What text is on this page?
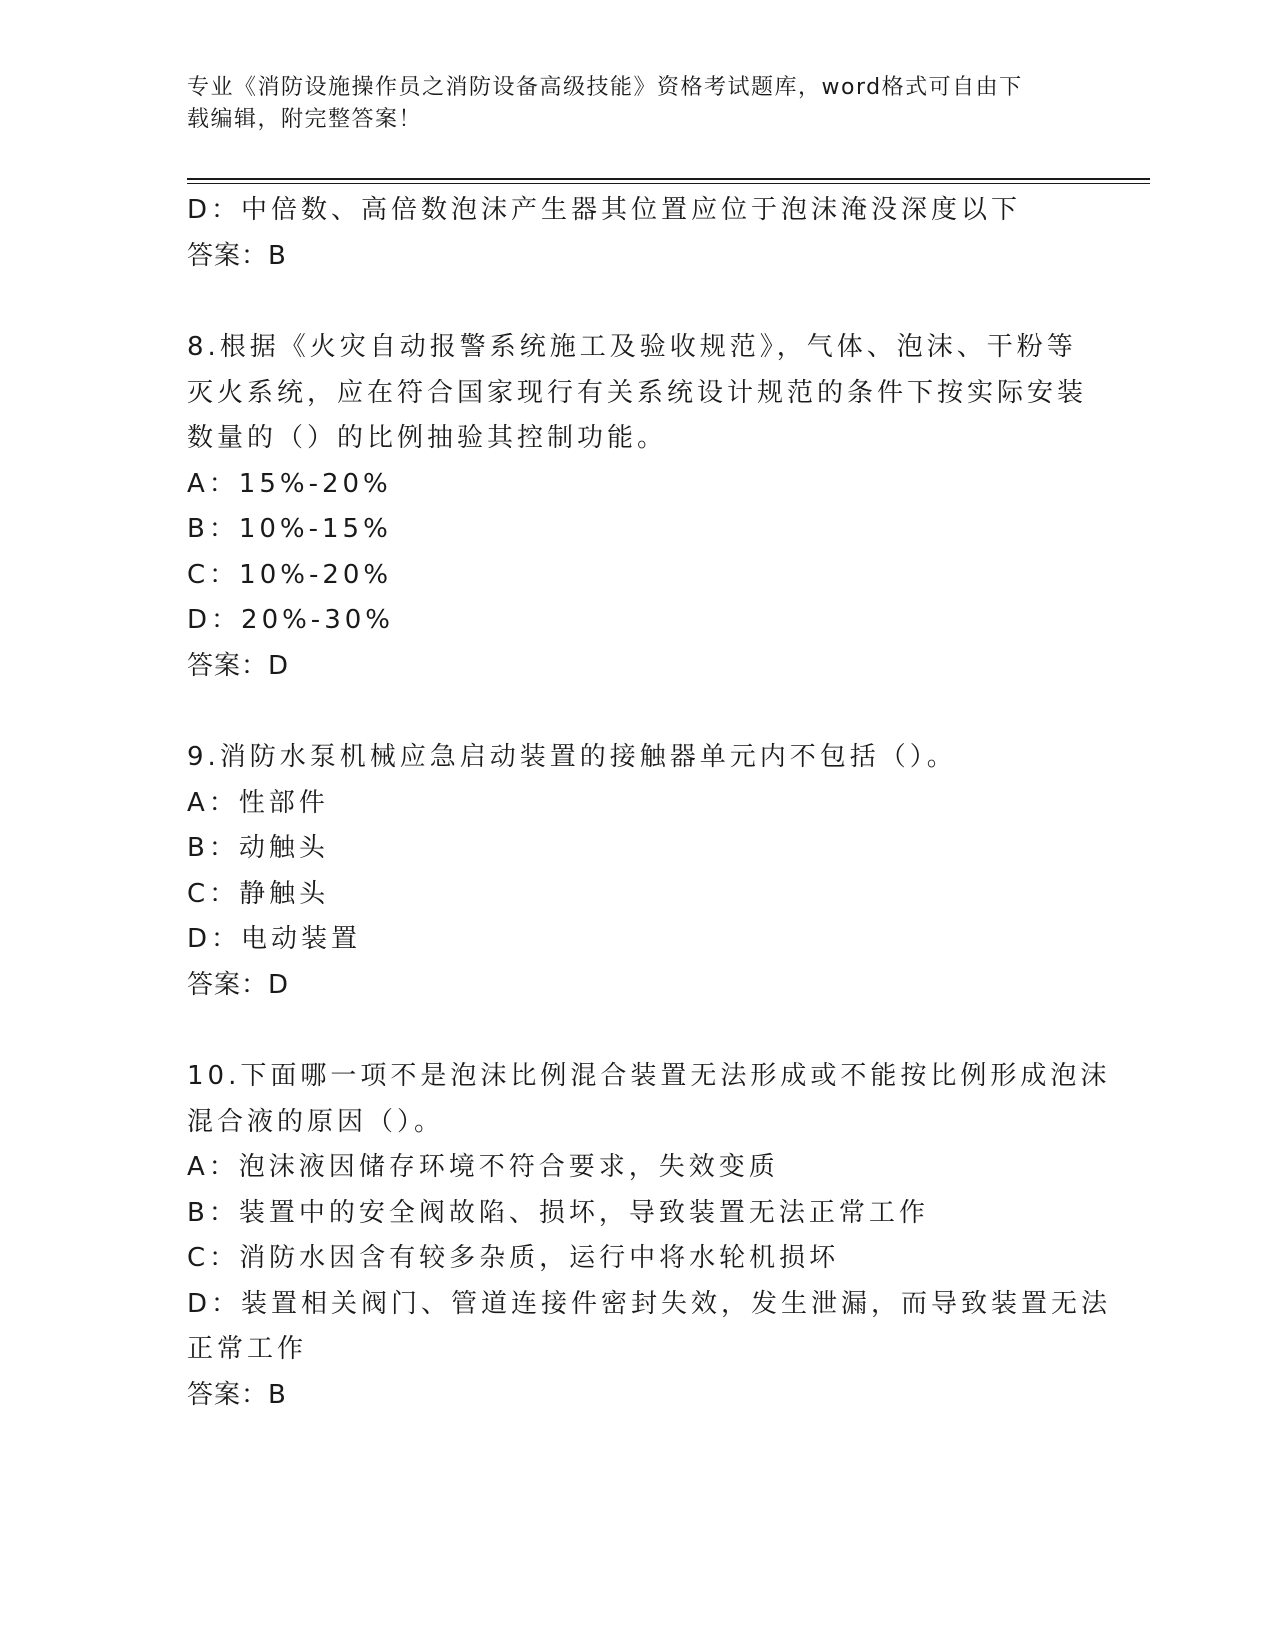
专业《消防设施操作员之消防设备高级技能》资格考试题库，word格式可自由下
载编辑，附完整答案！
D：中倍数、高倍数泡沫产生器其位置应位于泡沫淹没深度以下
答案：B
8.根据《火灾自动报警系统施工及验收规范》，气体、泡沫、干粉等
灭火系统，应在符合国家现行有关系统设计规范的条件下按实际安装
数量的（）的比例抽验其控制功能。
A：15%-20%
B：10%-15%
C：10%-20%
D：20%-30%
答案：D
9.消防水泵机械应急启动装置的接触器单元内不包括（）。
A：性部件
B：动触头
C：静触头
D：电动装置
答案：D
10.下面哪一项不是泡沫比例混合装置无法形成或不能按比例形成泡沫
混合液的原因（）。
A：泡沫液因储存环境不符合要求，失效变质
B：装置中的安全阀故陷、损坏，导致装置无法正常工作
C：消防水因含有较多杂质，运行中将水轮机损坏
D：装置相关阀门、管道连接件密封失效，发生泄漏，而导致装置无法
正常工作
答案：B
